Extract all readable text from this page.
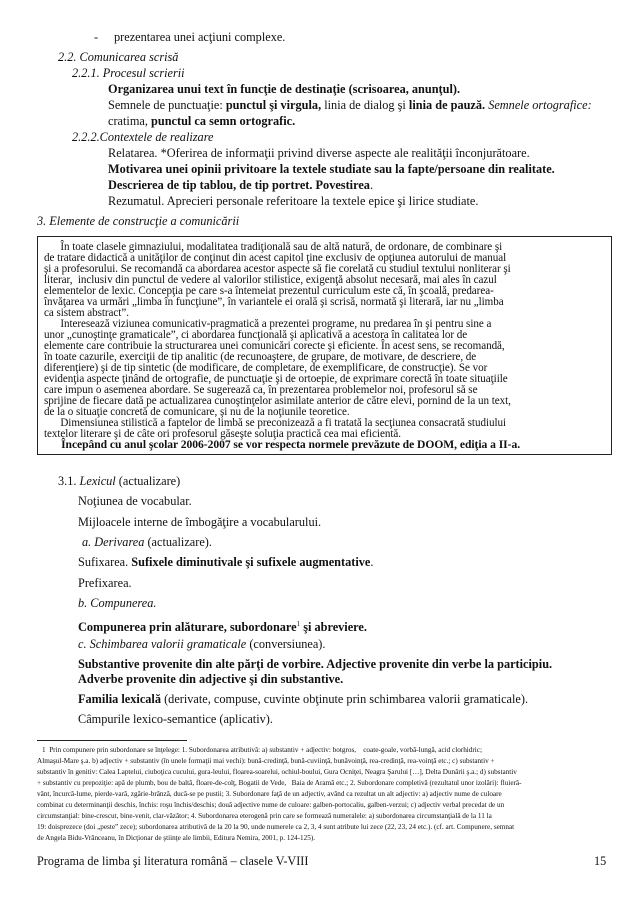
- prezentarea unei acţiuni complexe.
2.2. Comunicarea scrisă
2.2.1. Procesul scrierii
Organizarea unui text în funcţie de destinaţie (scrisoarea, anunţul).
Semnele de punctuaţie: punctul şi virgula, linia de dialog şi linia de pauză. Semnele ortografice:
cratima, punctul ca semn ortografic.
2.2.2.Contextele de realizare
Relatarea. *Oferirea de informaţii privind diverse aspecte ale realităţii înconjurătoare.
Motivarea unei opinii privitoare la textele studiate sau la fapte/persoane din realitate.
Descrierea de tip tablou, de tip portret. Povestirea.
Rezumatul. Aprecieri personale referitoare la textele epice şi lirice studiate.
3. Elemente de construcţie a comunicării
În toate clasele gimnaziului, modalitatea tradiţională sau de altă natură, de ordonare, de combinare şi
de tratare didactică a unităţilor de conţinut din acest capitol ţine exclusiv de opţiunea autorului de manual
şi a profesorului. Se recomandă ca abordarea acestor aspecte să fie corelată cu studiul textului nonliterar şi
literar,  inclusiv din punctul de vedere al valorilor stilistice, exigenţă absolut necesară, mai ales în cazul
elementelor de lexic. Concepţia pe care s-a întemeiat prezentul curriculum este că, în şcoală, predarea-
învăţarea va urmări „limba în funcţiune”, în variantele ei orală şi scrisă, normată şi literară, iar nu „limba
ca sistem abstract”.
Interesează viziunea comunicativ-pragmatică a prezentei programe, nu predarea în şi pentru sine a
unor „cunoştinţe gramaticale”, ci abordarea funcţională şi aplicativă a acestora în calitatea lor de
elemente care contribuie la structurarea unei comunicări corecte şi eficiente. În acest sens, se recomandă,
în toate cazurile, exerciţii de tip analitic (de recunoaştere, de grupare, de motivare, de descriere, de
diferenţiere) şi de tip sintetic (de modificare, de completare, de exemplificare, de construcţie). Se vor
evidenţia aspecte ţinând de ortografie, de punctuaţie şi de ortoepie, de exprimare corectă în toate situaţiile
care impun o asemenea abordare. Se sugerează ca, în prezentarea problemelor noi, profesorul să se
sprijine de fiecare dată pe actualizarea cunoştinţelor asimilate anterior de către elevi, pornind de la un text,
de la o situaţie concretă de comunicare, şi nu de la noţiunile teoretice.
Dimensiunea stilistică a faptelor de limbă se preconizează a fi tratată la secţiunea consacrată studiului
textelor literare şi de câte ori profesorul găseşte soluţia practică cea mai eficientă.
Începând cu anul şcolar 2006-2007 se vor respecta normele prevăzute de DOOM, ediţia a II-a.
3.1. Lexicul (actualizare)
Noţiunea de vocabular.
Mijloacele interne de îmbogăţire a vocabularului.
a. Derivarea (actualizare).
Sufixarea. Sufixele diminutivale şi sufixele augmentative.
Prefixarea.
b. Compunerea.
Compunerea prin alăturare, subordonare$^1$ şi abreviere.
c. Schimbarea valorii gramaticale (conversiunea).
Substantive provenite din alte părţi de vorbire. Adjective provenite din verbe la participiu.
Adverbe provenite din adjective şi din substantive.
Familia lexicală (derivate, compuse, cuvinte obţinute prin schimbarea valorii gramaticale).
Câmpurile lexico-semantice (aplicativ).
1  Prin compunere prin subordonare se înţelege: 1. Subordonarea atributivă: a) substantiv + adjectiv: botgros,    coate-goale, vorbă-lungă, acid clorhidric;
Almaşul-Mare ş.a. b) adjectiv + substantiv (în unele formaţii mai vechi): bună-credinţă, bună-cuviinţă, bunăvoinţă, rea-credinţă, rea-voinţă etc.; c) substantiv +
substantiv în genitiv: Calea Laptelui, ciuboţica cucului, gura-leului, floarea-soarelui, ochiul-boului, Gura Ocniţei, Neagra Şarului […], Delta Dunării ş.a.; d) substantiv
+ substantiv cu prepoziţie: apă de plumb, bou de baltă, floare-de-colţ, Bogatii de Vede,   Baia de Aramă etc.; 2. Subordonare completivă (rezultatul unor izolări): fluieră-
vânt, încurcă-lume, pierde-vară, zgârie-brânză, ducă-se pe pustii; 3. Subordonare faţă de un adjectiv, având ca rezultat un alt adjectiv: a) adjectiv nume de culoare
combinat cu determinanţii deschis, închis: roşu închis/deschis; două adjective nume de culoare: galben-portocaliu, galben-verzui; c) adjectiv verbal precedat de un
circumstanţial: bine-crescut, bine-venit, clar-văzător; 4. Subordonarea eterogenă prin care se formează numeralele: a) subordonarea circumstanţială de la 11 la
19: doisprezece (doi „peste” zece); subordonarea atributivă de la 20 la 90, unde numerele ca 2, 3, 4 sunt atribute lui zece (22, 23, 24 etc.). (cf. art. Compunere, semnat
de Angela Bidu-Vrânceanu, în Dicţionar de ştiinţe ale limbii, Editura Nemira, 2001, p. 124-125).
Programa de limba şi literatura română – clasele V-VIII	15
